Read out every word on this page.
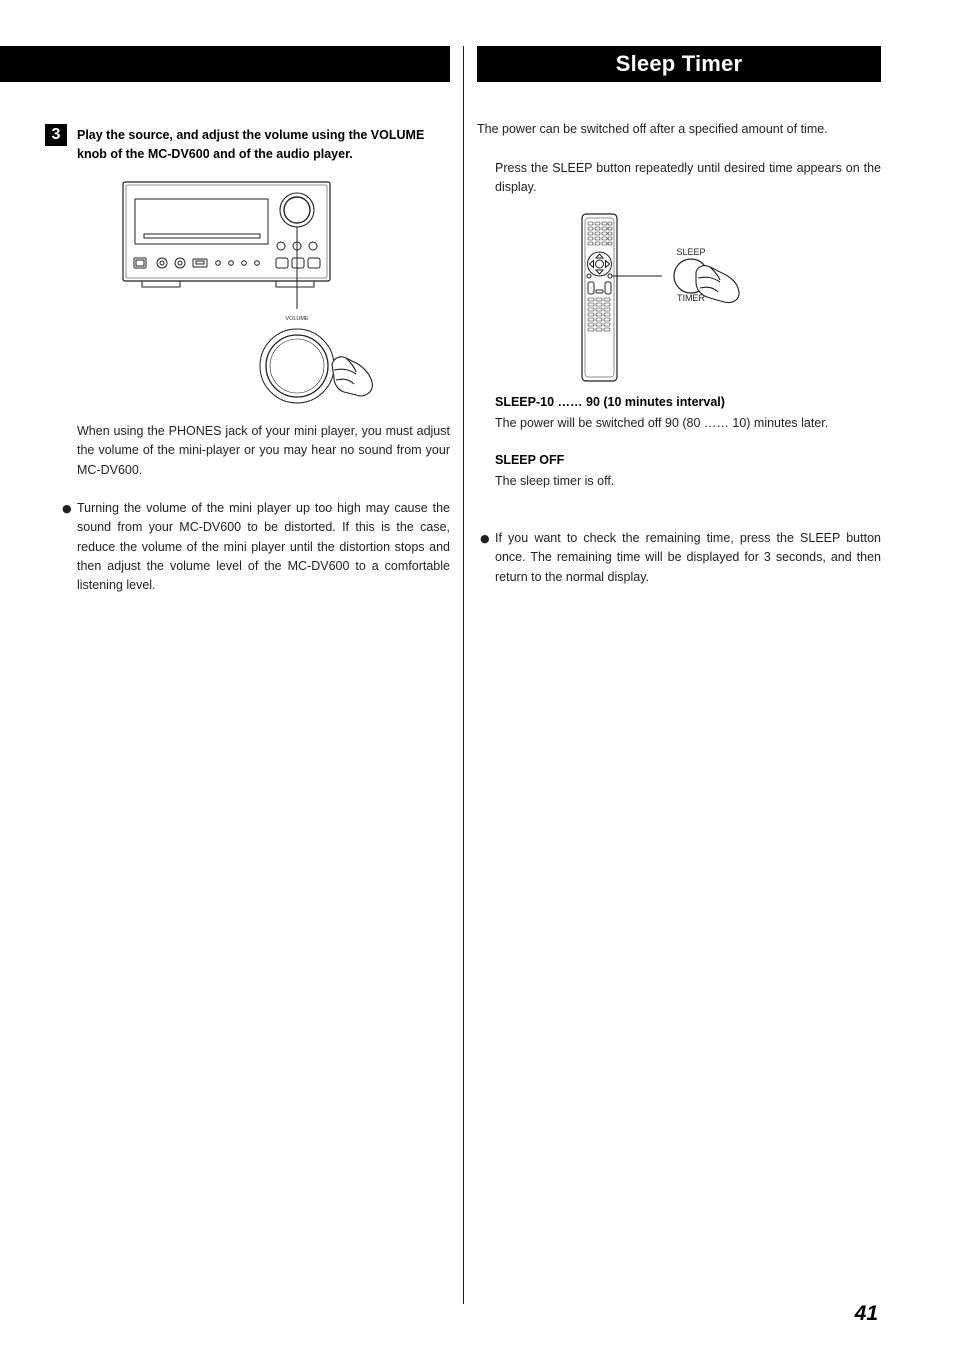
Sleep Timer
3	Play the source, and adjust the volume using the VOLUME knob of the MC-DV600 and of the audio player.
VOLUME
When using the PHONES jack of your mini player, you must adjust the volume of the mini-player or you may hear no sound from your MC-DV600.
● Turning the volume of the mini player up too high may cause the sound from your MC-DV600 to be distorted. If this is the case, reduce the volume of the mini player until the distortion stops and then adjust the volume level of the MC-DV600 to a comfortable listening level.
The power can be switched off after a specified amount of time.
Press the SLEEP button repeatedly until desired time appears on the display.
SLEEP
TIMER
SLEEP-10 …… 90 (10 minutes interval)
The power will be switched off 90 (80 …… 10) minutes later.
SLEEP OFF
The sleep timer is off.
● If you want to check the remaining time, press the SLEEP button once. The remaining time will be displayed for 3 seconds, and then return to the normal display.
41
